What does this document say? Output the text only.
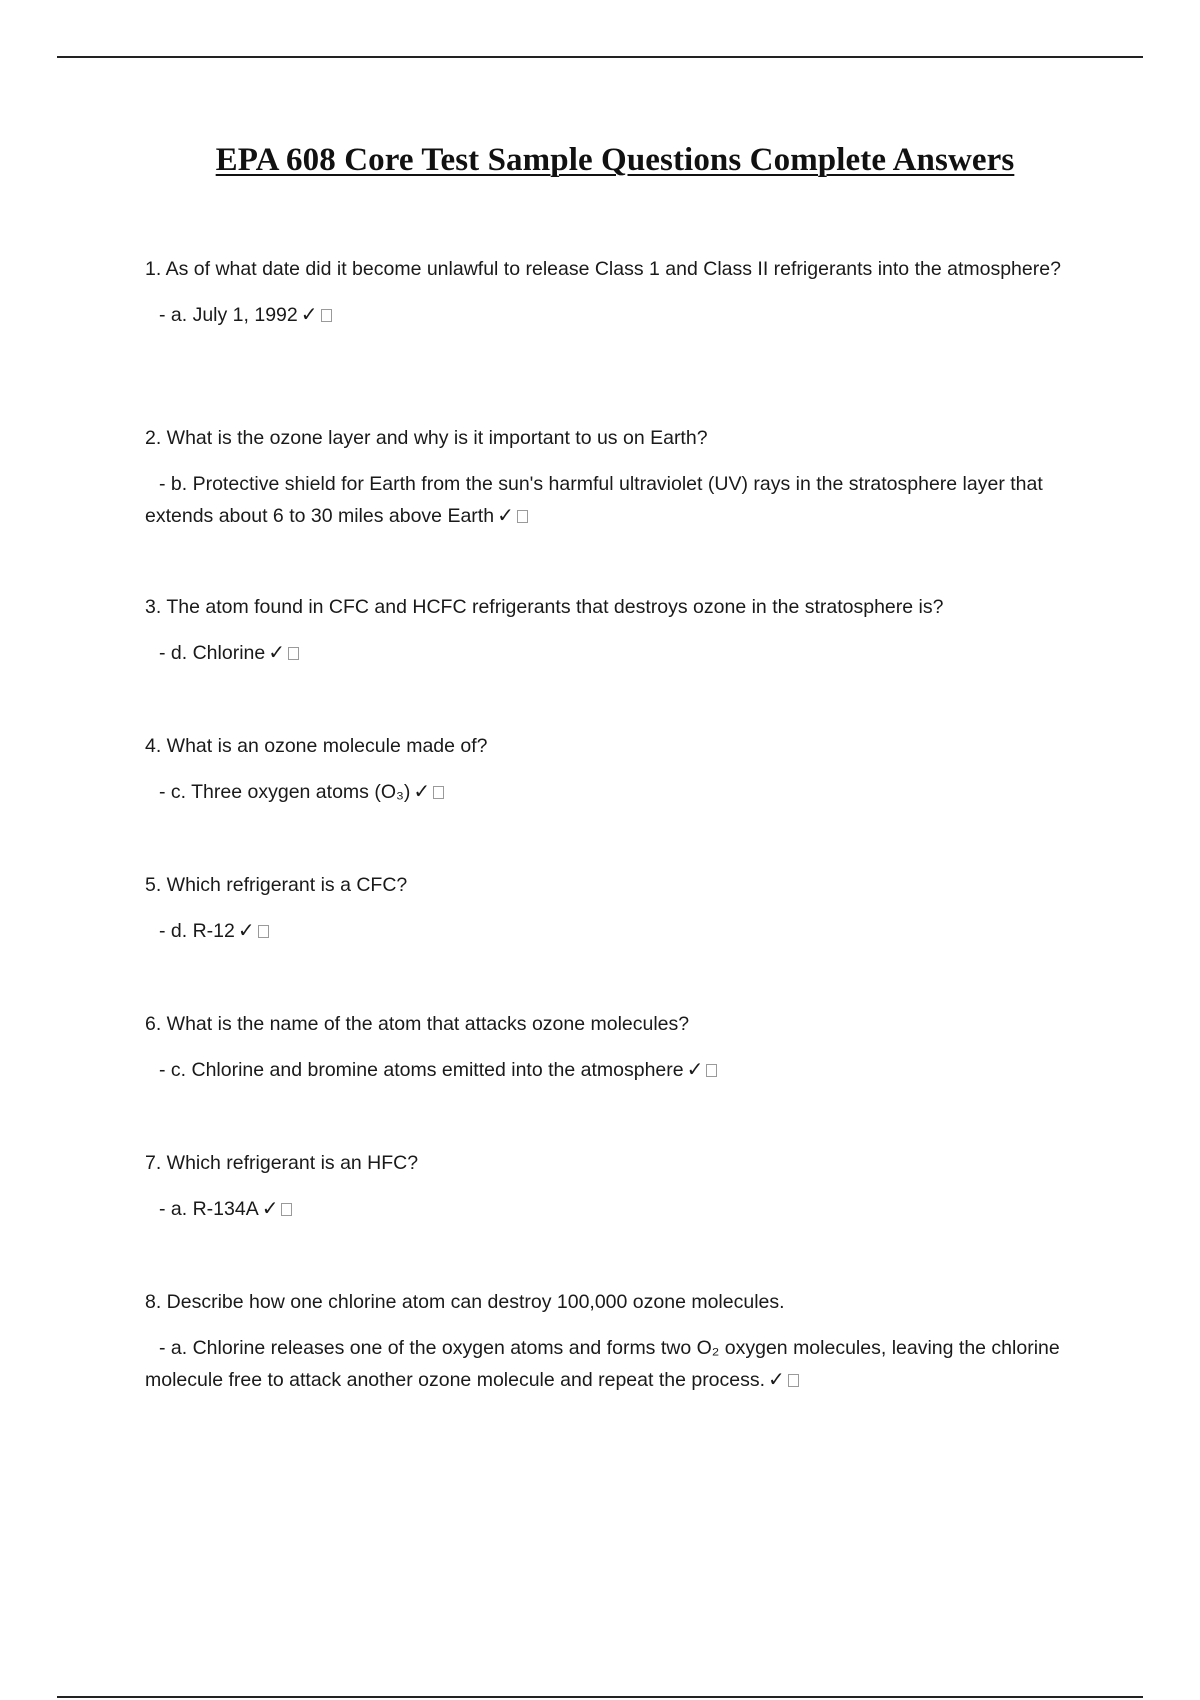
EPA 608 Core Test Sample Questions Complete Answers

1. As of what date did it become unlawful to release Class 1 and Class II refrigerants into the atmosphere?

- a. July 1, 1992 ✓

2. What is the ozone layer and why is it important to us on Earth?

- b. Protective shield for Earth from the sun's harmful ultraviolet (UV) rays in the stratosphere layer that extends about 6 to 30 miles above Earth ✓

3. The atom found in CFC and HCFC refrigerants that destroys ozone in the stratosphere is?

- d. Chlorine ✓

4. What is an ozone molecule made of?

- c. Three oxygen atoms (O₃) ✓

5. Which refrigerant is a CFC?

- d. R-12 ✓

6. What is the name of the atom that attacks ozone molecules?

- c. Chlorine and bromine atoms emitted into the atmosphere ✓

7. Which refrigerant is an HFC?

- a. R-134A ✓

8. Describe how one chlorine atom can destroy 100,000 ozone molecules.

- a. Chlorine releases one of the oxygen atoms and forms two O₂ oxygen molecules, leaving the chlorine molecule free to attack another ozone molecule and repeat the process. ✓
